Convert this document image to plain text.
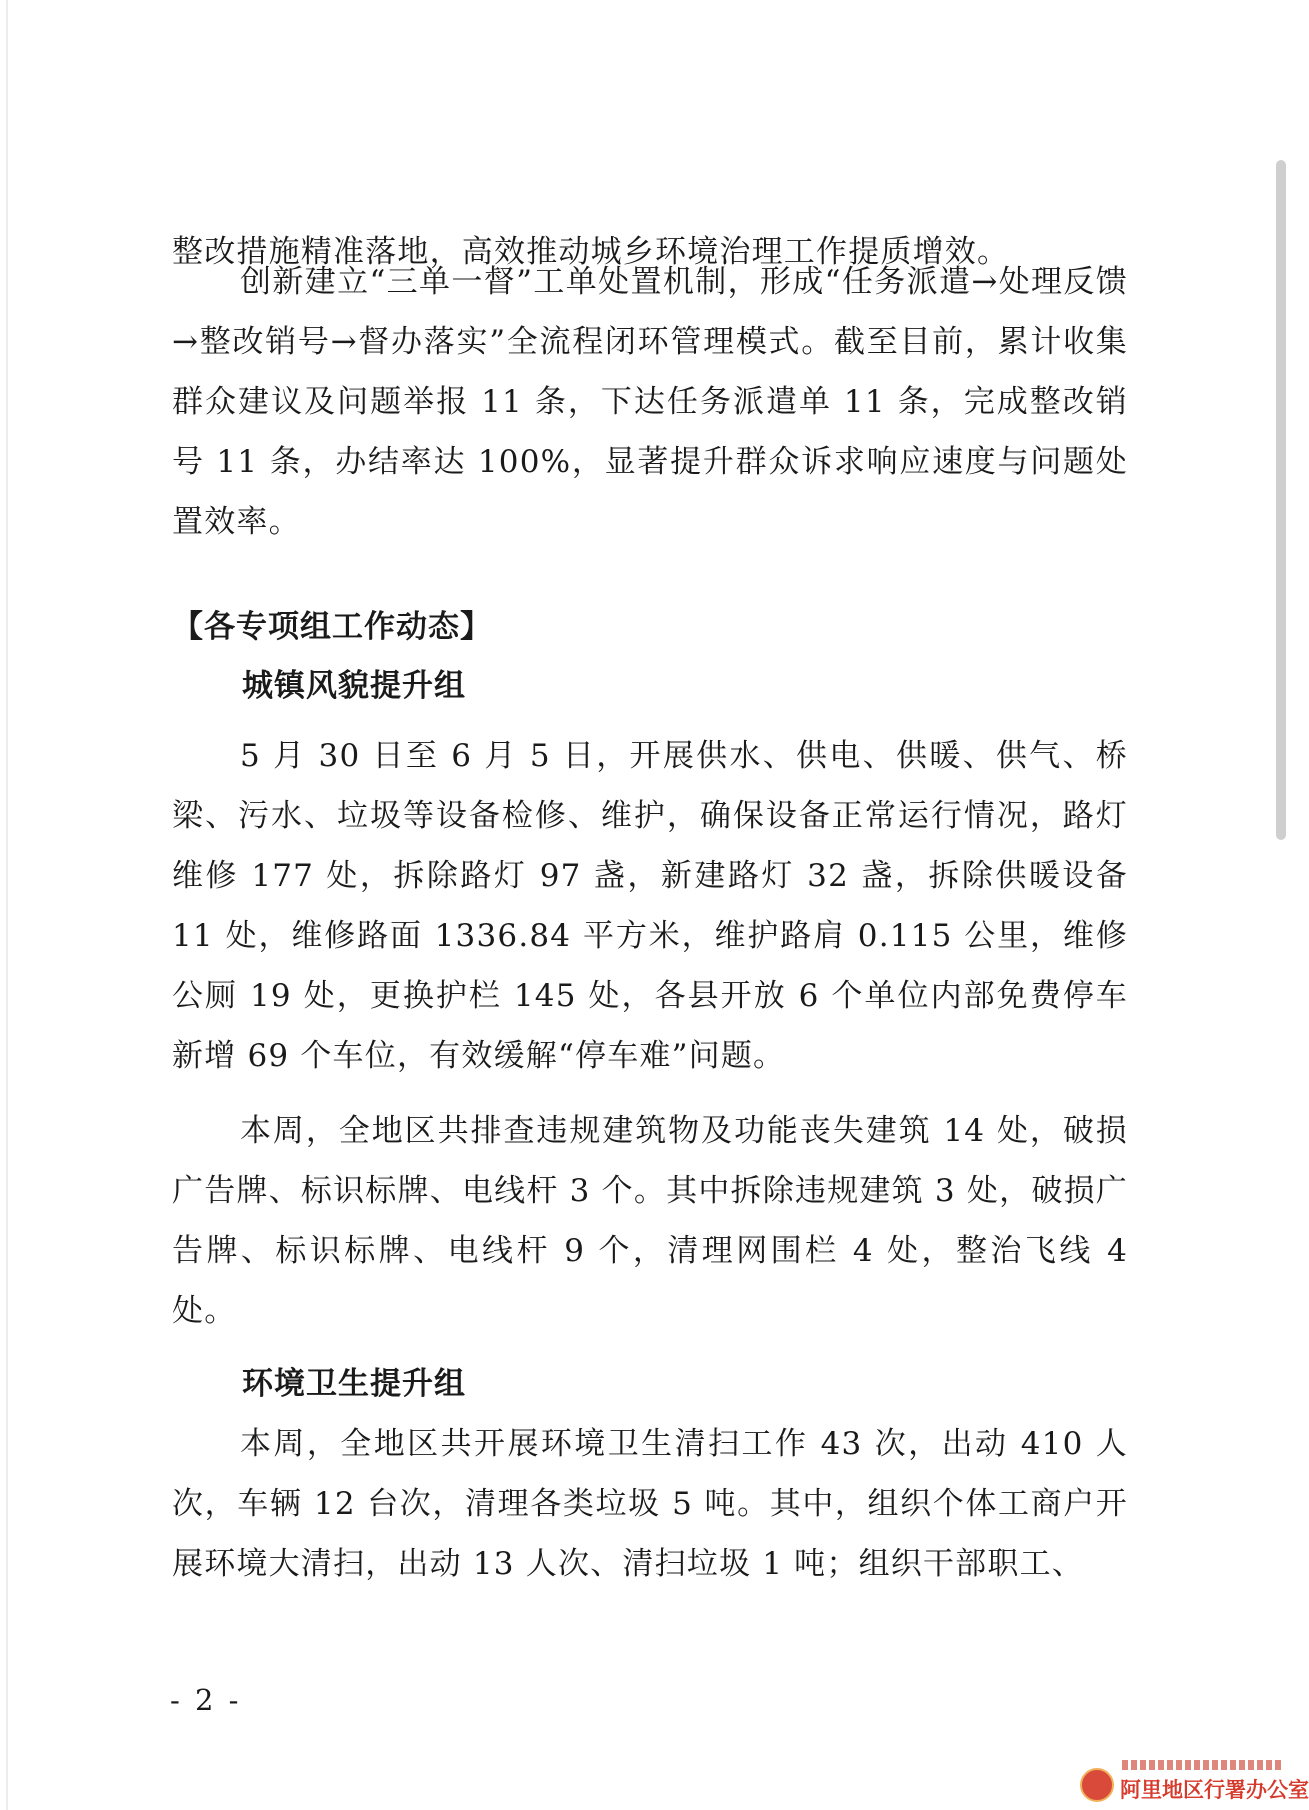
整改措施精准落地，高效推动城乡环境治理工作提质增效。

创新建立“三单一督”工单处置机制，形成“任务派遣→处理反馈→整改销号→督办落实”全流程闭环管理模式。截至目前，累计收集群众建议及问题举报 11 条，下达任务派遣单 11 条，完成整改销号 11 条，办结率达 100%，显著提升群众诉求响应速度与问题处置效率。

【各专项组工作动态】
城镇风貌提升组

5 月 30 日至 6 月 5 日，开展供水、供电、供暖、供气、桥梁、污水、垃圾等设备检修、维护，确保设备正常运行情况，路灯维修 177 处，拆除路灯 97 盏，新建路灯 32 盏，拆除供暖设备 11 处，维修路面 1336.84 平方米，维护路肩 0.115 公里，维修公厕 19 处，更换护栏 145 处，各县开放 6 个单位内部免费停车新增 69 个车位，有效缓解“停车难”问题。

本周，全地区共排查违规建筑物及功能丧失建筑 14 处，破损广告牌、标识标牌、电线杆 3 个。其中拆除违规建筑 3 处，破损广告牌、标识标牌、电线杆 9 个，清理网围栏 4 处，整治飞线 4 处。

环境卫生提升组

本周，全地区共开展环境卫生清扫工作 43 次，出动 410 人次，车辆 12 台次，清理各类垃圾 5 吨。其中，组织个体工商户开展环境大清扫，出动 13 人次、清扫垃圾 1 吨；组织干部职工、

- 2 -
阿里地区行署办公室
